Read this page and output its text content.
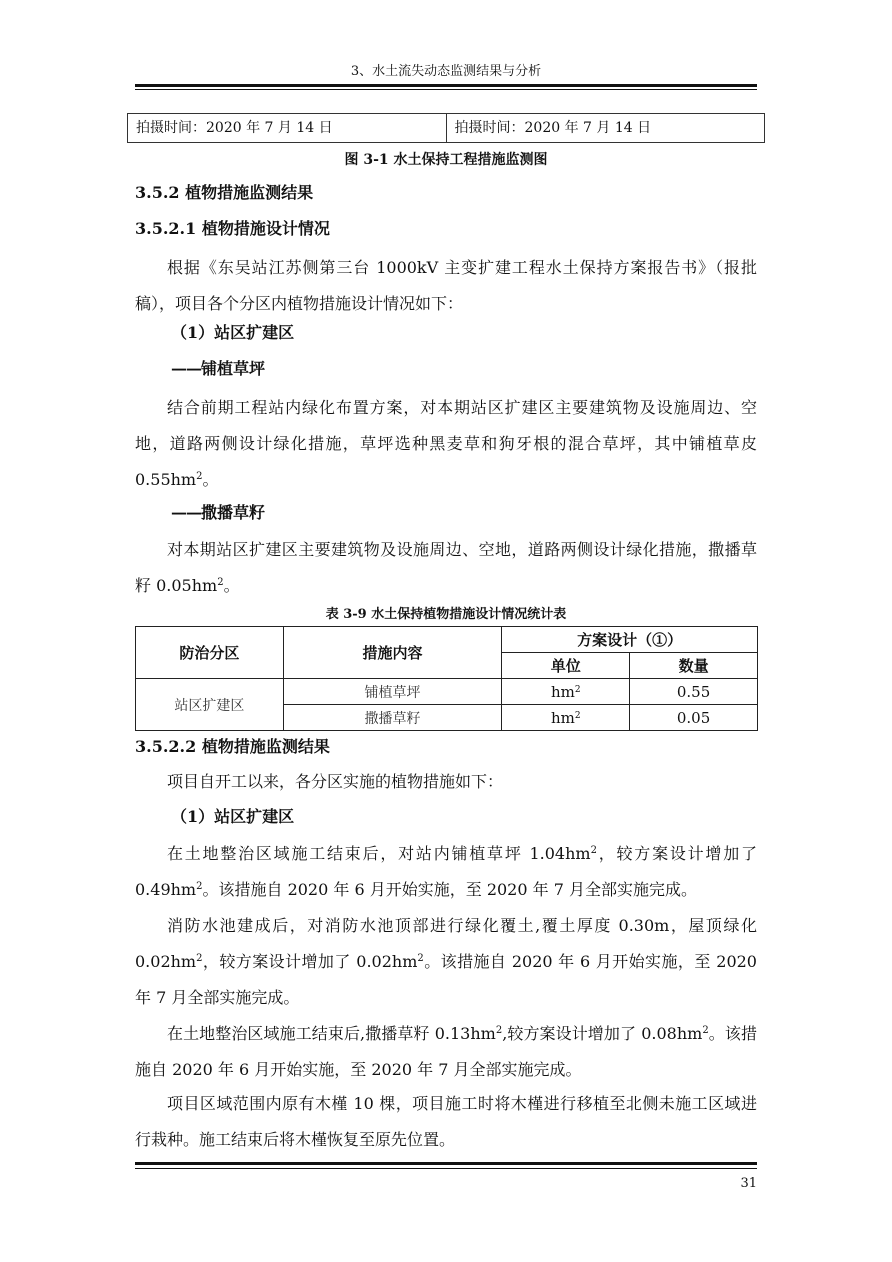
3、水土流失动态监测结果与分析
拍摄时间：2020 年 7 月 14 日	拍摄时间：2020 年 7 月 14 日
图 3-1 水土保持工程措施监测图
3.5.2 植物措施监测结果
3.5.2.1 植物措施设计情况
根据《东吴站江苏侧第三台 1000kV 主变扩建工程水土保持方案报告书》（报批稿），项目各个分区内植物措施设计情况如下：
（1）站区扩建区
——铺植草坪
结合前期工程站内绿化布置方案，对本期站区扩建区主要建筑物及设施周边、空地，道路两侧设计绿化措施，草坪选种黑麦草和狗牙根的混合草坪，其中铺植草皮 $0.55hm^2$。
——撒播草籽
对本期站区扩建区主要建筑物及设施周边、空地，道路两侧设计绿化措施，撒播草籽 $0.05hm^2$。
表 3-9 水土保持植物措施设计情况统计表
防治分区	措施内容	方案设计（①）	
		单位	数量
站区扩建区	铺植草坪	$hm^2$	0.55
	撒播草籽	$hm^2$	0.05
3.5.2.2 植物措施监测结果
项目自开工以来，各分区实施的植物措施如下：
（1）站区扩建区
在土地整治区域施工结束后，对站内铺植草坪 $1.04hm^2$，较方案设计增加了 $0.49hm^2$。该措施自 2020 年 6 月开始实施，至 2020 年 7 月全部实施完成。
消防水池建成后，对消防水池顶部进行绿化覆土,覆土厚度 0.30m，屋顶绿化 $0.02hm^2$，较方案设计增加了 $0.02hm^2$。该措施自 2020 年 6 月开始实施，至 2020 年 7 月全部实施完成。
在土地整治区域施工结束后,撒播草籽 $0.13hm^2$,较方案设计增加了 $0.08hm^2$。该措施自 2020 年 6 月开始实施，至 2020 年 7 月全部实施完成。
项目区域范围内原有木槿 10 棵，项目施工时将木槿进行移植至北侧未施工区域进行栽种。施工结束后将木槿恢复至原先位置。
31
